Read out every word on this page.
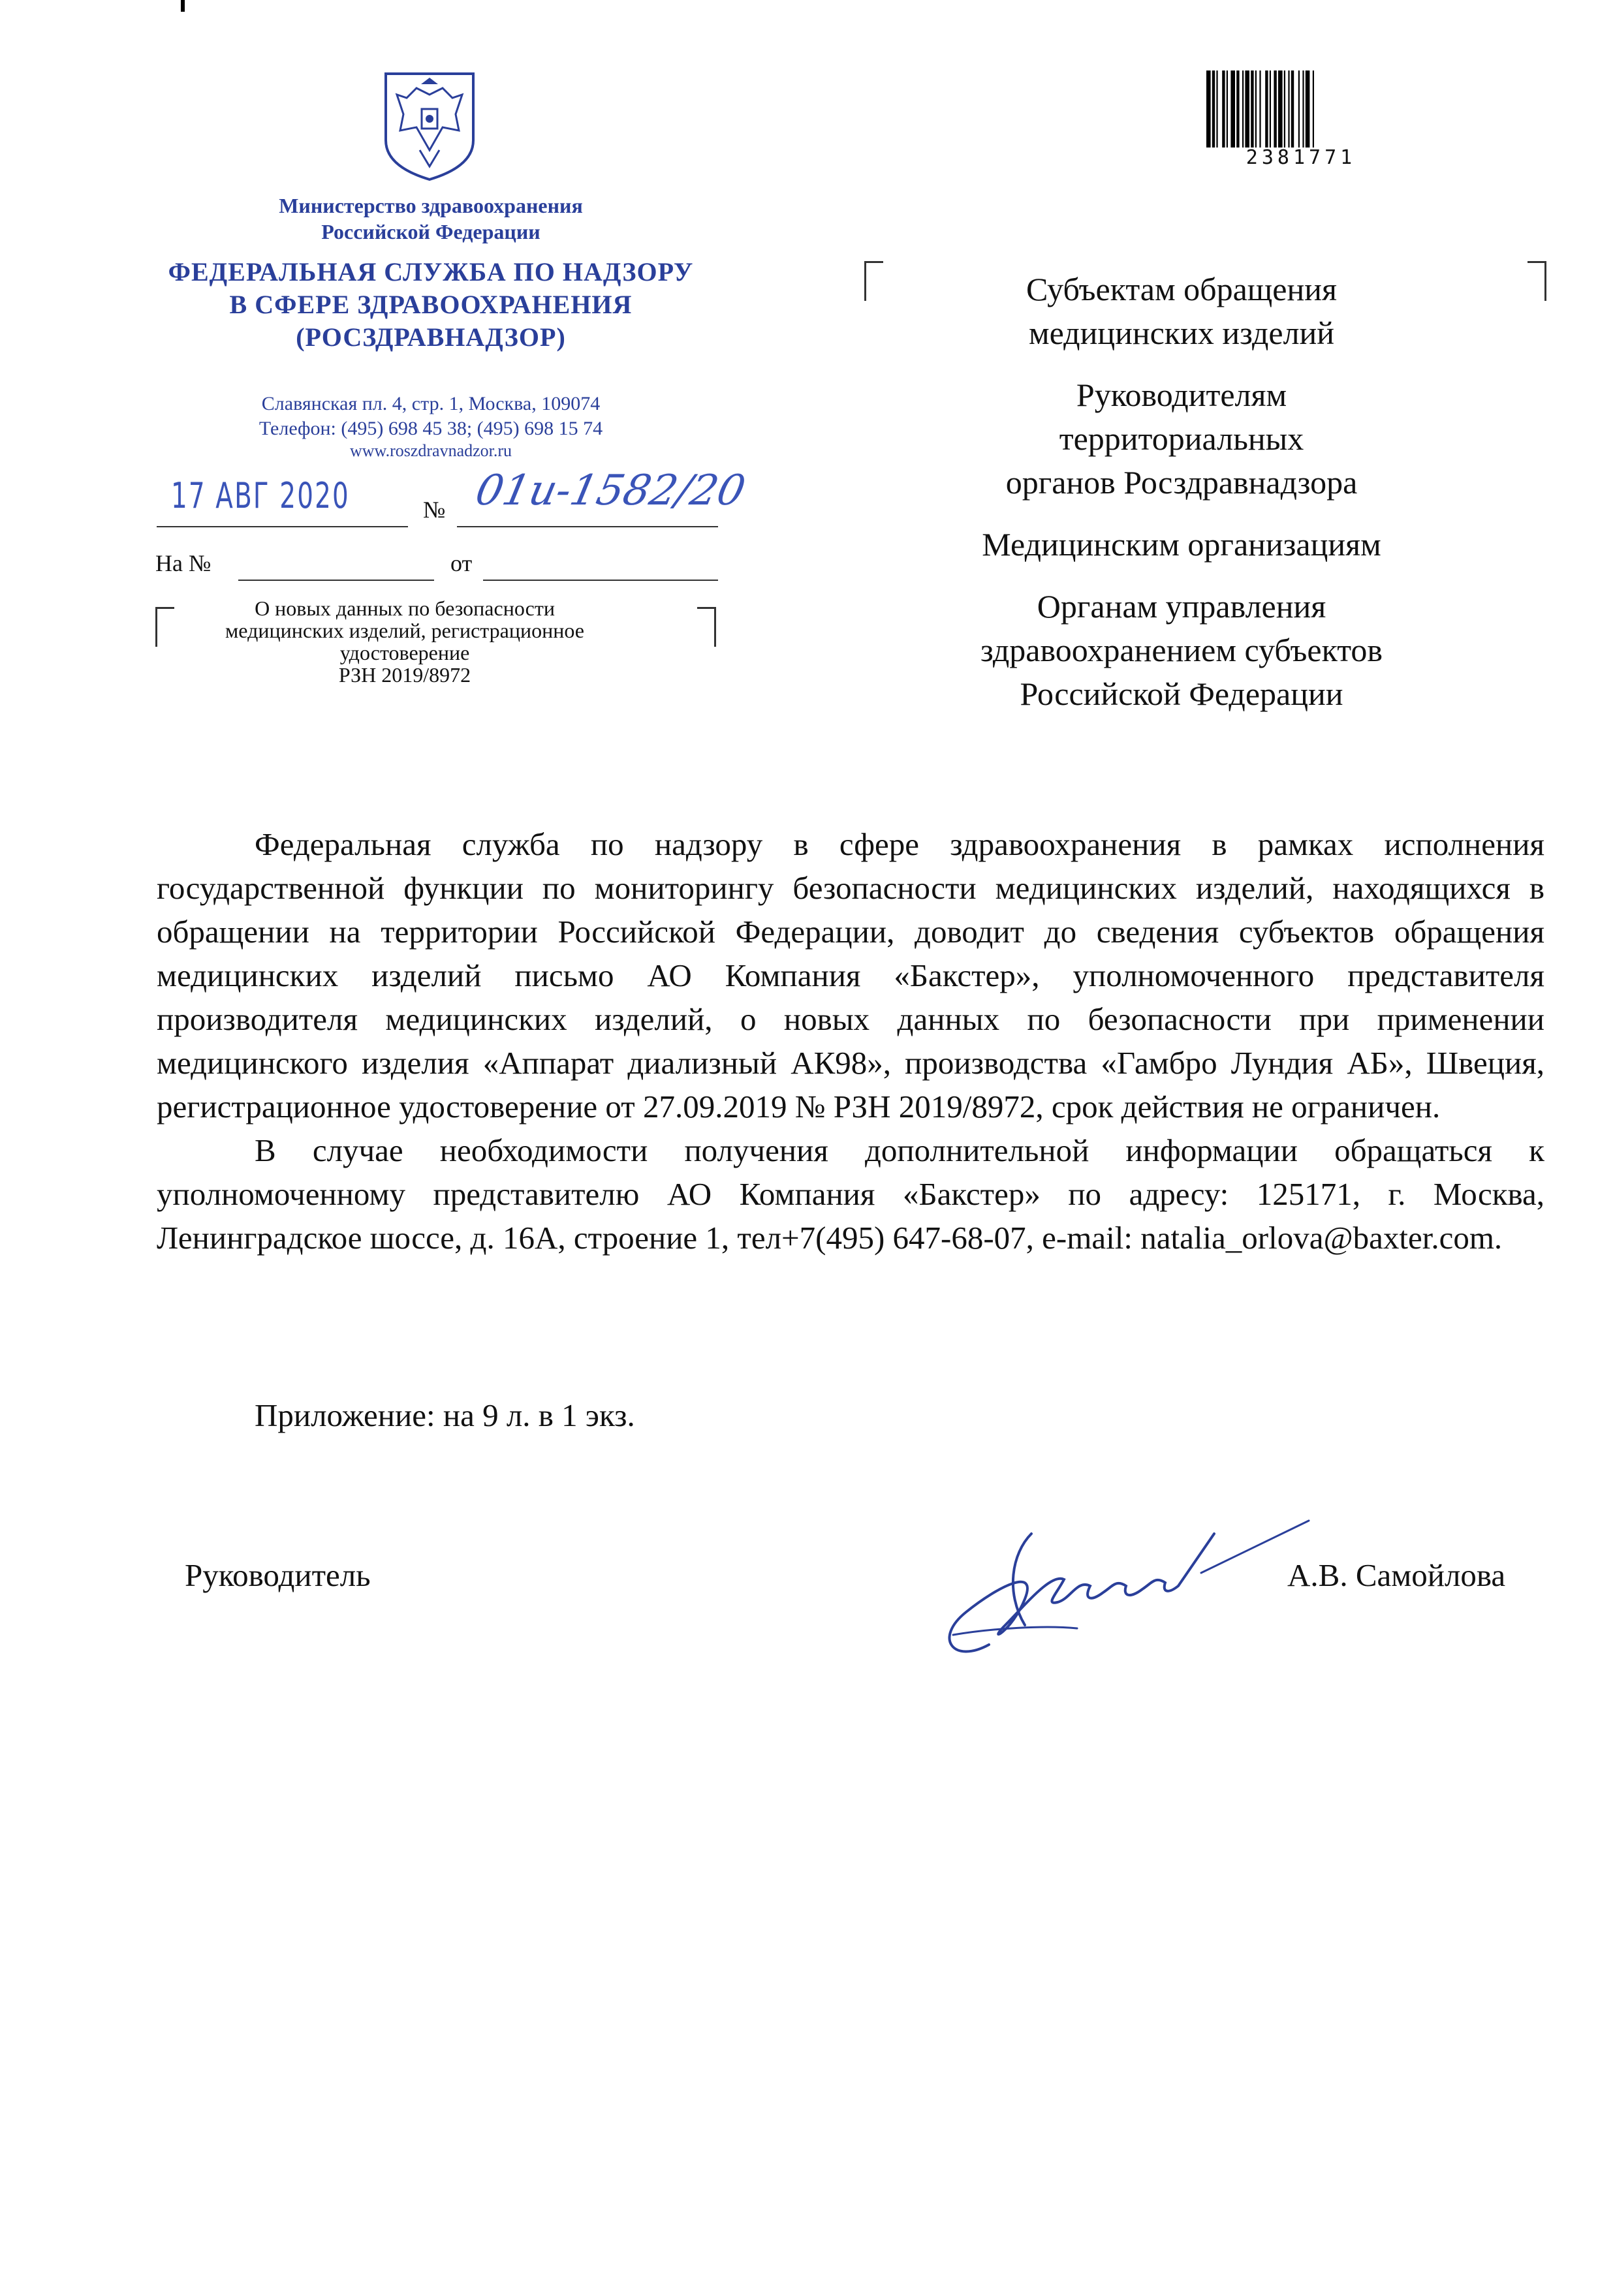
Министерство здравоохранения
Российской Федерации
ФЕДЕРАЛЬНАЯ СЛУЖБА ПО НАДЗОРУ
В СФЕРЕ ЗДРАВООХРАНЕНИЯ
(РОСЗДРАВНАДЗОР)
Славянская пл. 4, стр. 1, Москва, 109074
Телефон: (495) 698 45 38; (495) 698 15 74
www.roszdravnadzor.ru
17 АВГ 2020	№ 01и-1582/20
На №	от
О новых данных по безопасности
медицинских изделий, регистрационное
удостоверение
РЗН 2019/8972
2381771
Субъектам обращения
медицинских изделий
Руководителям
территориальных
органов Росздравнадзора
Медицинским организациям
Органам управления
здравоохранением субъектов
Российской Федерации

Федеральная служба по надзору в сфере здравоохранения в рамках исполнения государственной функции по мониторингу безопасности медицинских изделий, находящихся в обращении на территории Российской Федерации, доводит до сведения субъектов обращения медицинских изделий письмо АО Компания «Бакстер», уполномоченного представителя производителя медицинских изделий, о новых данных по безопасности при применении медицинского изделия «Аппарат диализный АК98», производства «Гамбро Лундия АБ», Швеция, регистрационное удостоверение от 27.09.2019 № РЗН 2019/8972, срок действия не ограничен.

В случае необходимости получения дополнительной информации обращаться к уполномоченному представителю АО Компания «Бакстер» по адресу: 125171, г. Москва, Ленинградское шоссе, д. 16А, строение 1, тел+7(495) 647-68-07, e-mail: natalia_orlova@baxter.com.

Приложение: на 9 л. в 1 экз.
Руководитель	А.В. Самойлова
